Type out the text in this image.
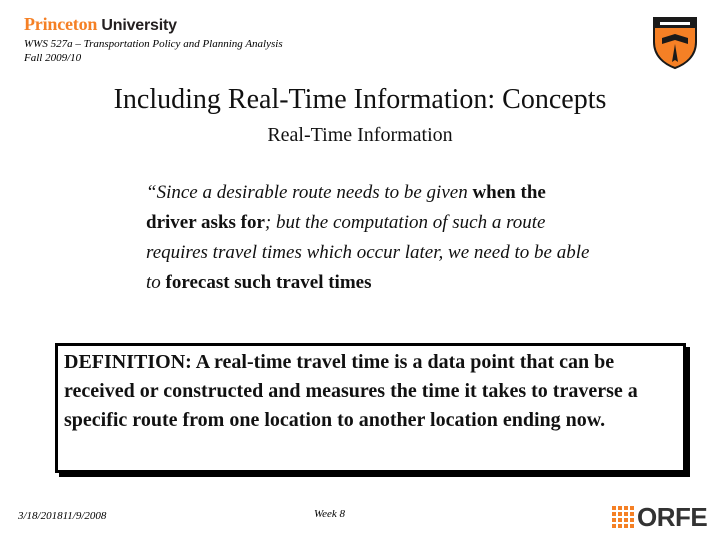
Princeton University
WWS 527a – Transportation Policy and Planning Analysis
Fall 2009/10
Including Real-Time Information: Concepts
Real-Time Information
“Since a desirable route needs to be given when the driver asks for; but the computation of such a route requires travel times which occur later, we need to be able to forecast such travel times
DEFINITION: A real-time travel time is a data point that can be received or constructed and measures the time it takes to traverse a specific route from one location to another location ending now.
3/18/201811/9/2008	Week 8	ORFE
